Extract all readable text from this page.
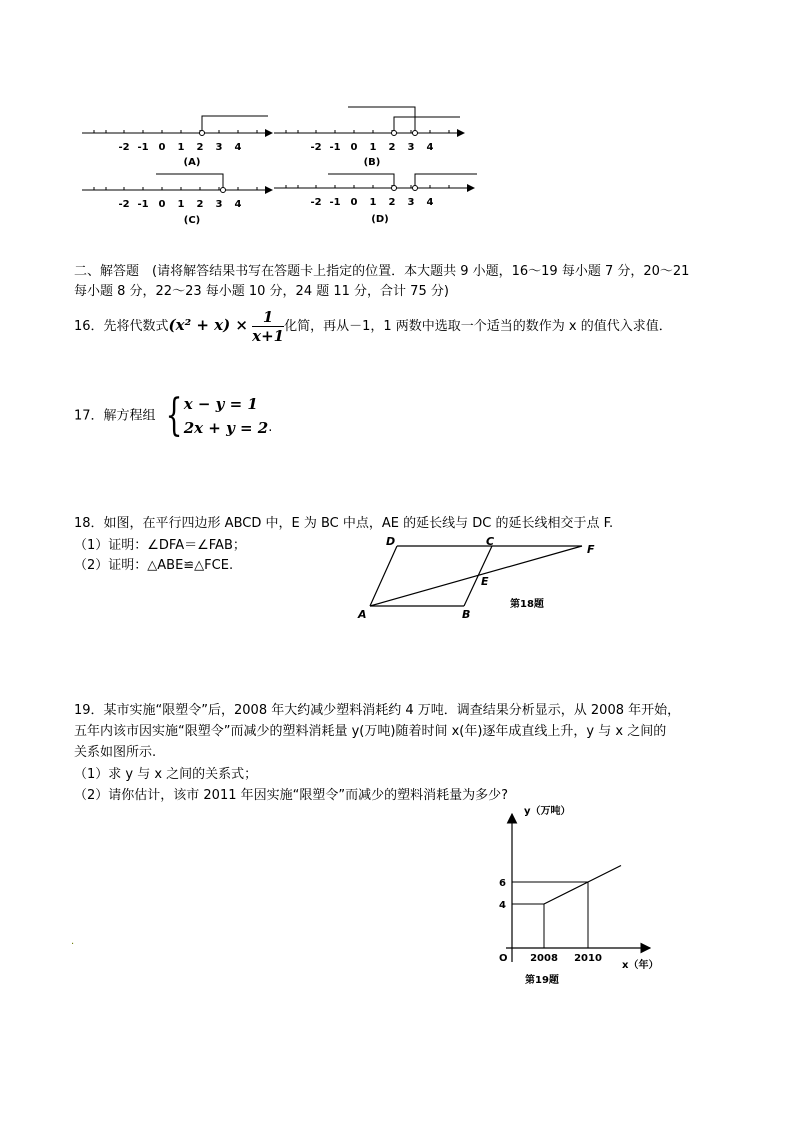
-2 -1 0 1 2 3 4
(A)
-2 -1 0 1 2 3 4
(B)
-2 -1 0 1 2 3 4
(C)
-2 -1 0 1 2 3 4
(D)
二、解答题　(请将解答结果书写在答题卡上指定的位置．本大题共 9 小题，16～19 每小题 7 分，20～21
每小题 8 分，22～23 每小题 10 分，24 题 11 分，合计 75 分)
16．先将代数式$(x^2 + x) \times \frac{1}{x+1}$ 化简，再从－1，1 两数中选取一个适当的数作为 x 的值代入求值．
17．解方程组 { x − y = 1
2x + y = 2 .
18．如图，在平行四边形 ABCD 中，E 为 BC 中点，AE 的延长线与 DC 的延长线相交于点 F.
（1）证明：∠DFA＝∠FAB；
（2）证明：△ABE≌△FCE.
D	C
F
E
A	B
第18题
19．某市实施“限塑令”后，2008 年大约减少塑料消耗约 4 万吨．调查结果分析显示，从 2008 年开始，
五年内该市因实施“限塑令”而减少的塑料消耗量 y(万吨)随着时间 x(年)逐年成直线上升，y 与 x 之间的
关系如图所示.
（1）求 y 与 x 之间的关系式；
（2）请你估计，该市 2011 年因实施“限塑令”而减少的塑料消耗量为多少?
.
y（万吨）
x（年）
O
第19题
2008 2010
4
6
